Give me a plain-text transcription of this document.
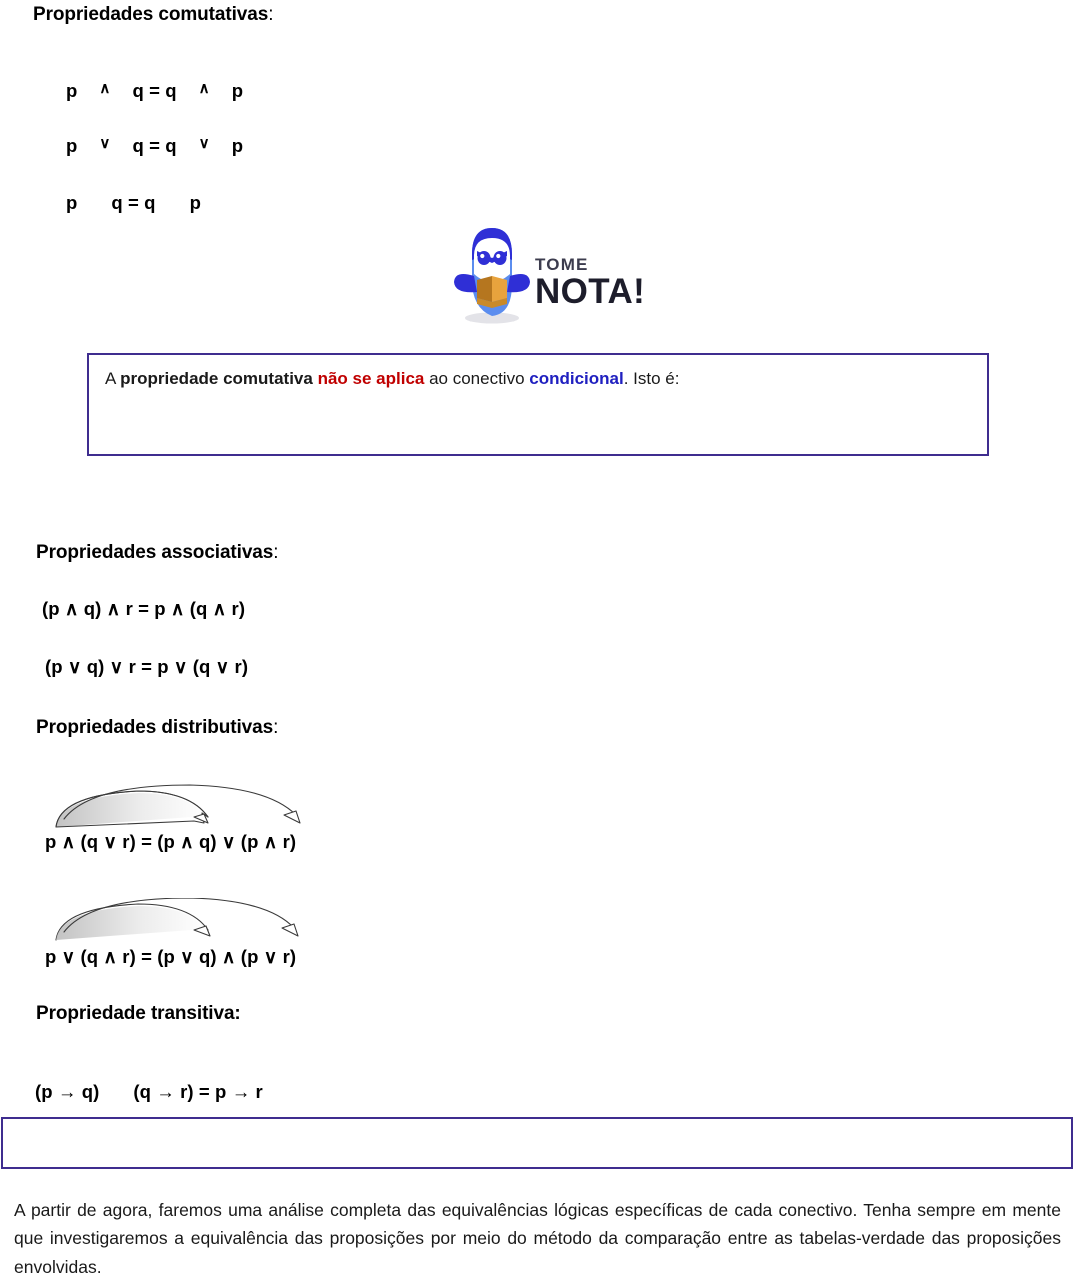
Propriedades comutativas:

p ∧ q = q ∧ p

p ∨ q = q ∨ p

p q = q p

TOME
NOTA!
A propriedade comutativa não se aplica ao conectivo condicional. Isto é:
Propriedades associativas:
(p ∧ q) ∧ r = p ∧ (q ∧ r)
(p ∨ q) ∨ r = p ∨ (q ∨ r)
Propriedades distributivas:
p ∧ (q ∨ r) = (p ∧ q) ∨ (p ∧ r)
p ∨ (q ∧ r) = (p ∨ q) ∧ (p ∨ r)
Propriedade transitiva:

(p → q) (q → r) = p → r

A partir de agora, faremos uma análise completa das equivalências lógicas específicas de cada conectivo. Tenha sempre em mente que investigaremos a equivalência das proposições por meio do método da comparação entre as tabelas-verdade das proposições envolvidas.
